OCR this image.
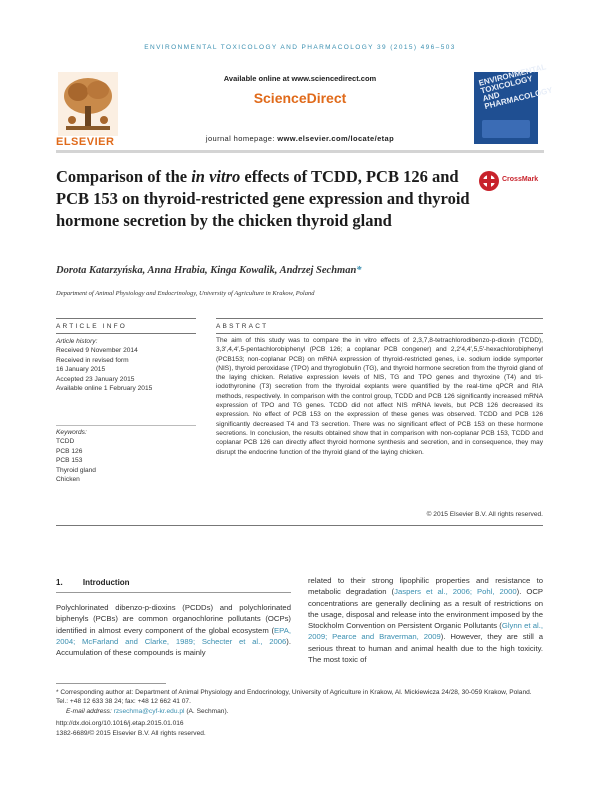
ENVIRONMENTAL TOXICOLOGY AND PHARMACOLOGY 39 (2015) 496–503
ELSEVIER
Available online at www.sciencedirect.com
ScienceDirect
journal homepage: www.elsevier.com/locate/etap
ENVIRONMENTAL TOXICOLOGY AND PHARMACOLOGY
Comparison of the in vitro effects of TCDD, PCB 126 and PCB 153 on thyroid-restricted gene expression and thyroid hormone secretion by the chicken thyroid gland
CrossMark
Dorota Katarzyńska, Anna Hrabia, Kinga Kowalik, Andrzej Sechman*
Department of Animal Physiology and Endocrinology, University of Agriculture in Krakow, Poland
ARTICLE INFO	ABSTRACT
Article history:
Received 9 November 2014
Received in revised form
16 January 2015
Accepted 23 January 2015
Available online 1 February 2015
Keywords:
TCDD
PCB 126
PCB 153
Thyroid gland
Chicken
The aim of this study was to compare the in vitro effects of 2,3,7,8-tetrachlorodibenzo-p-dioxin (TCDD), 3,3′,4,4′,5-pentachlorobiphenyl (PCB 126; a coplanar PCB congener) and 2,2′4,4′,5,5′-hexachlorobiphenyl (PCB153; non-coplanar PCB) on mRNA expression of thyroid-restricted genes, i.e. sodium iodide symporter (NIS), thyroid peroxidase (TPO) and thyroglobulin (TG), and thyroid hormone secretion from the thyroid gland of the laying chicken. Relative expression levels of NIS, TG and TPO genes and thyroxine (T4) and tri-iodothyronine (T3) secretion from the thyroidal explants were quantified by the real-time qPCR and RIA methods, respectively. In comparison with the control group, TCDD and PCB 126 significantly increased mRNA expression of TPO and TG genes. TCDD did not affect NIS mRNA levels, but PCB 126 decreased its expression. No effect of PCB 153 on the expression of these genes was observed. TCDD and PCB 126 significantly decreased T4 and T3 secretion. There was no significant effect of PCB 153 on these hormone secretions. In conclusion, the results obtained show that in comparison with non-coplanar PCB 153, TCDD and coplanar PCB 126 can directly affect thyroid hormone synthesis and secretion, and in consequence, they may disrupt the endocrine function of the thyroid gland of the laying chicken.
© 2015 Elsevier B.V. All rights reserved.
1.	Introduction
Polychlorinated dibenzo-p-dioxins (PCDDs) and polychlorinated biphenyls (PCBs) are common organochlorine pollutants (OCPs) identified in almost every component of the global ecosystem (EPA, 2004; McFarland and Clarke, 1989; Schecter et al., 2006). Accumulation of these compounds is mainly
related to their strong lipophilic properties and resistance to metabolic degradation (Jaspers et al., 2006; Pohl, 2000). OCP concentrations are generally declining as a result of restrictions on the usage, disposal and release into the environment imposed by the Stockholm Convention on Persistent Organic Pollutants (Glynn et al., 2009; Pearce and Braverman, 2009). However, they are still a serious threat to human and animal health due to the high toxicity. The most toxic of
* Corresponding author at: Department of Animal Physiology and Endocrinology, University of Agriculture in Krakow, Al. Mickiewicza 24/28, 30-059 Krakow, Poland. Tel.: +48 12 633 38 24; fax: +48 12 662 41 07.
E-mail address: rzsechma@cyf-kr.edu.pl (A. Sechman).
http://dx.doi.org/10.1016/j.etap.2015.01.016
1382-6689/© 2015 Elsevier B.V. All rights reserved.
